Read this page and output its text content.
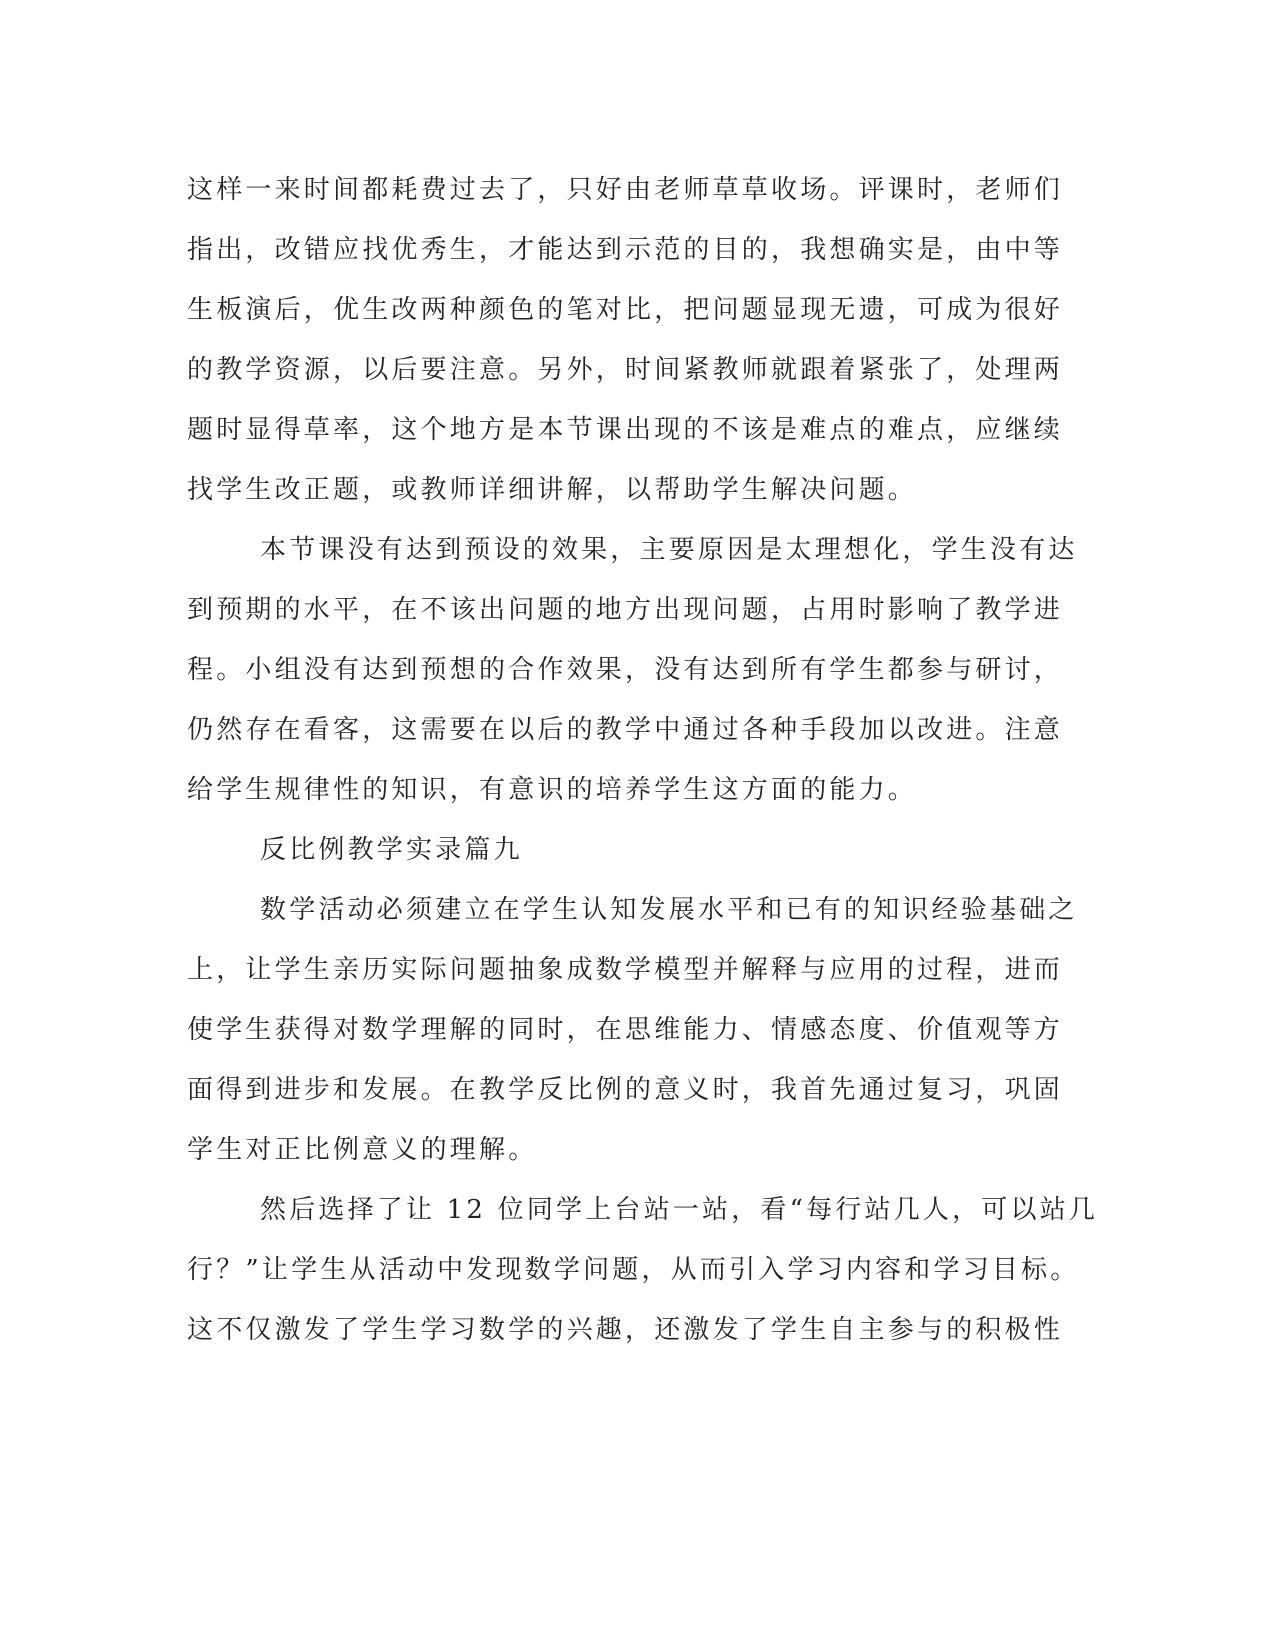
这样一来时间都耗费过去了，只好由老师草草收场。评课时，老师们

指出，改错应找优秀生，才能达到示范的目的，我想确实是，由中等

生板演后，优生改两种颜色的笔对比，把问题显现无遗，可成为很好

的教学资源，以后要注意。另外，时间紧教师就跟着紧张了，处理两

题时显得草率，这个地方是本节课出现的不该是难点的难点，应继续

找学生改正题，或教师详细讲解，以帮助学生解决问题。

本节课没有达到预设的效果，主要原因是太理想化，学生没有达

到预期的水平，在不该出问题的地方出现问题，占用时影响了教学进

程。小组没有达到预想的合作效果，没有达到所有学生都参与研讨，

仍然存在看客，这需要在以后的教学中通过各种手段加以改进。注意

给学生规律性的知识，有意识的培养学生这方面的能力。

反比例教学实录篇九

数学活动必须建立在学生认知发展水平和已有的知识经验基础之

上，让学生亲历实际问题抽象成数学模型并解释与应用的过程，进而

使学生获得对数学理解的同时，在思维能力、情感态度、价值观等方

面得到进步和发展。在教学反比例的意义时，我首先通过复习，巩固

学生对正比例意义的理解。

然后选择了让 12 位同学上台站一站，看“每行站几人，可以站几

行？”让学生从活动中发现数学问题，从而引入学习内容和学习目标。

这不仅激发了学生学习数学的兴趣，还激发了学生自主参与的积极性
